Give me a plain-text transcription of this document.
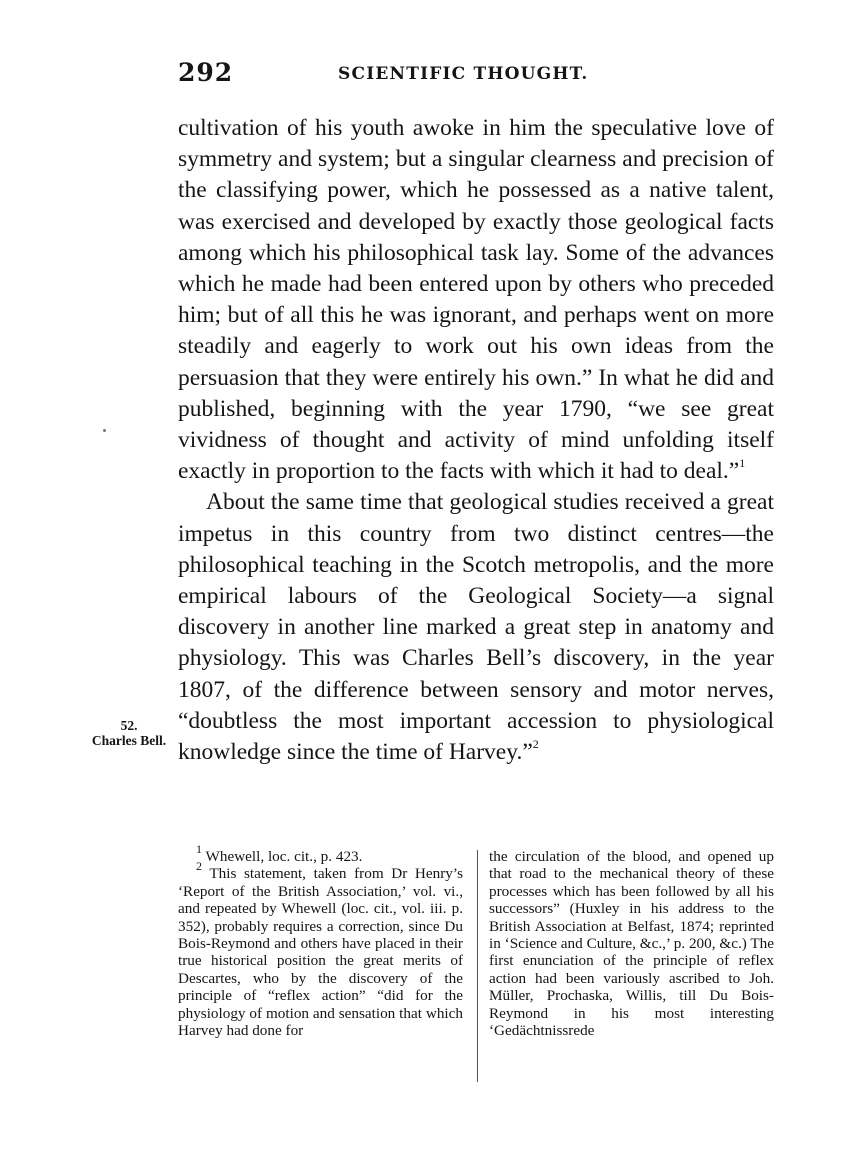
292	SCIENTIFIC THOUGHT.

cultivation of his youth awoke in him the speculative love of symmetry and system; but a singular clearness and precision of the classifying power, which he possessed as a native talent, was exercised and developed by exactly those geological facts among which his philosophical task lay. Some of the advances which he made had been entered upon by others who preceded him; but of all this he was ignorant, and perhaps went on more steadily and eagerly to work out his own ideas from the persuasion that they were entirely his own.” In what he did and published, beginning with the year 1790, “we see great vividness of thought and activity of mind unfolding itself exactly in proportion to the facts with which it had to deal.”$^1$

About the same time that geological studies received a great impetus in this country from two distinct centres—the philosophical teaching in the Scotch metropolis, and the more empirical labours of the Geological Society—a signal discovery in another line marked a great step in anatomy and physiology. This was Charles Bell’s discovery, in the year 1807, of the difference between sensory and motor nerves, “doubtless the most important accession to physiological knowledge since the time of Harvey.”$^2$

52.
Charles Bell.

$^1$ Whewell, loc. cit., p. 423.

$^2$ This statement, taken from Dr Henry’s ‘Report of the British Association,’ vol. vi., and repeated by Whewell (loc. cit., vol. iii. p. 352), probably requires a correction, since Du Bois-Reymond and others have placed in their true historical position the great merits of Descartes, who by the discovery of the principle of “reflex action” “did for the physiology of motion and sensation that which Harvey had done for

the circulation of the blood, and opened up that road to the mechanical theory of these processes which has been followed by all his successors” (Huxley in his address to the British Association at Belfast, 1874; reprinted in ‘Science and Culture, &c.,’ p. 200, &c.) The first enunciation of the principle of reflex action had been variously ascribed to Joh. Müller, Prochaska, Willis, till Du Bois-Reymond in his most interesting ‘Gedächtnissrede
